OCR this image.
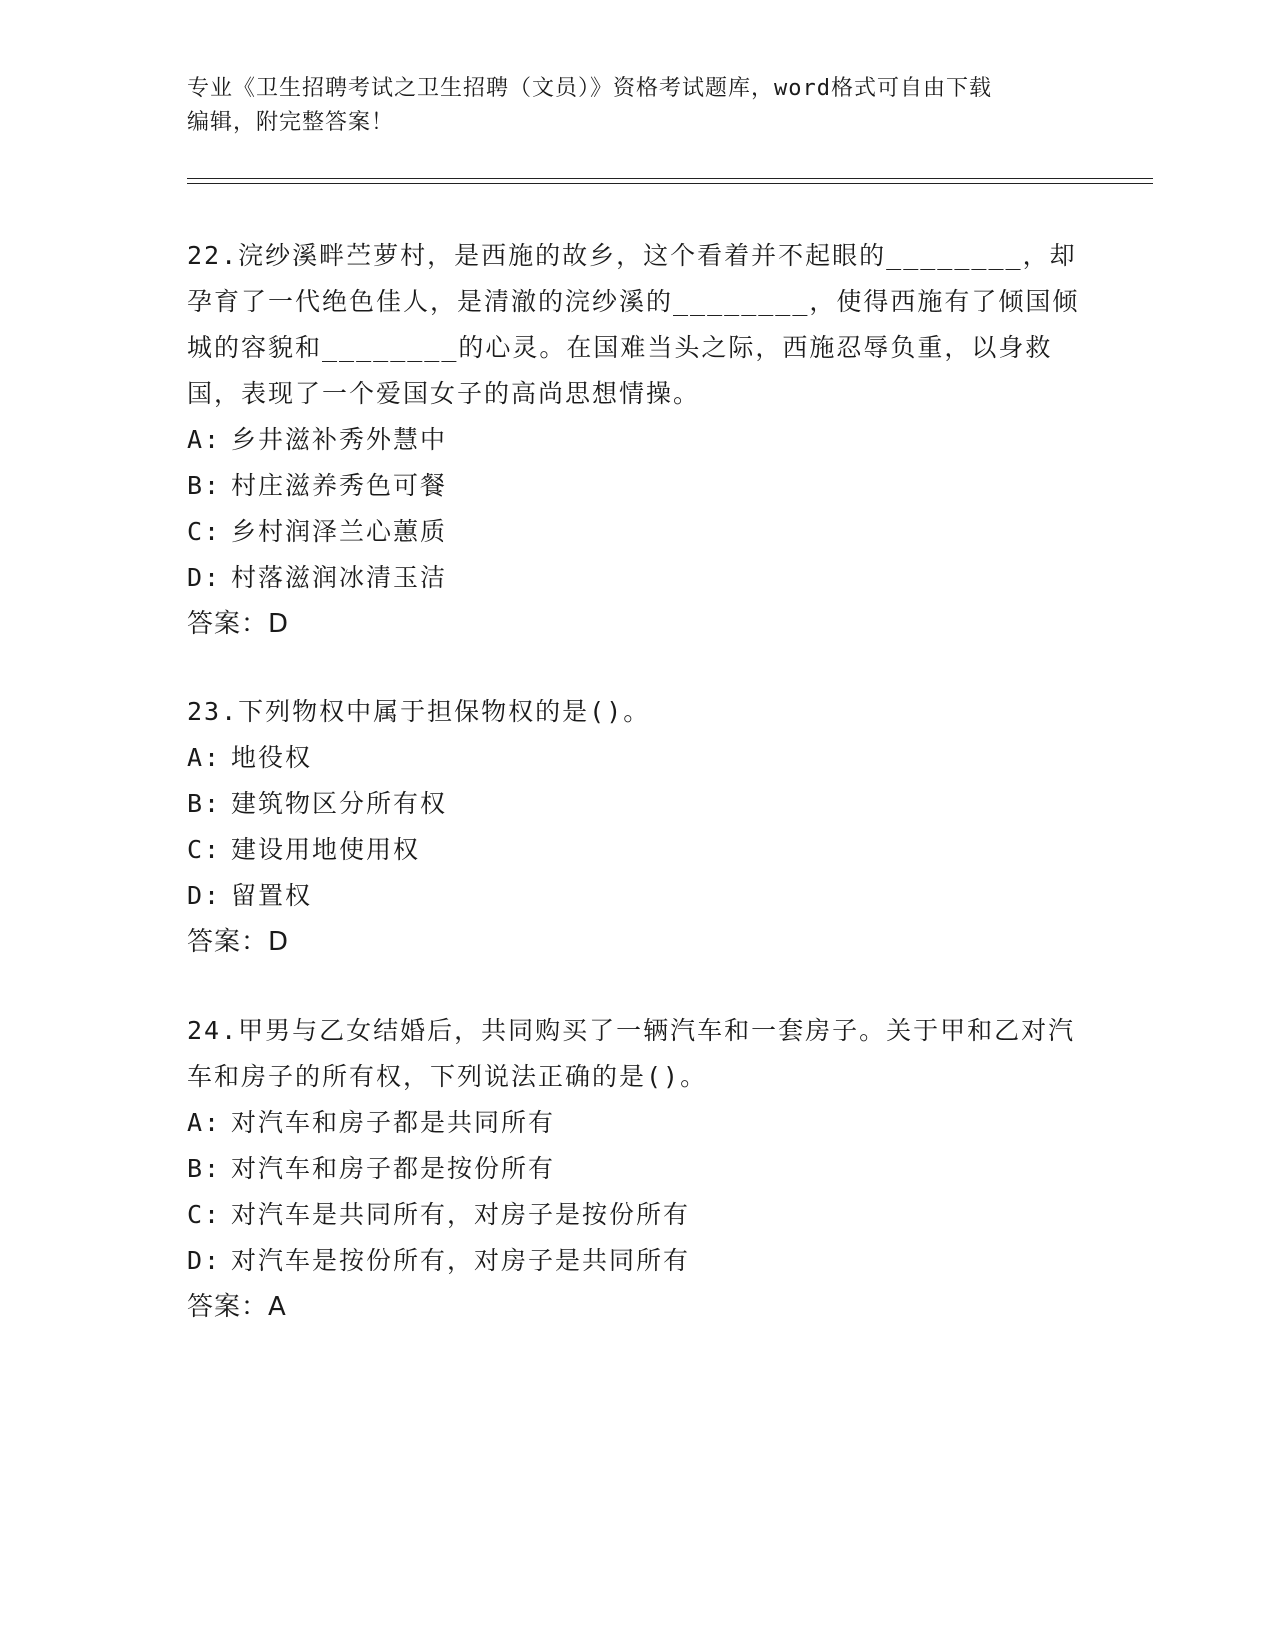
专业《卫生招聘考试之卫生招聘（文员）》资格考试题库，word格式可自由下载
编辑，附完整答案！

22.浣纱溪畔苎萝村，是西施的故乡，这个看着并不起眼的________，却孕育了一代绝色佳人，是清澈的浣纱溪的________，使得西施有了倾国倾城的容貌和________的心灵。在国难当头之际，西施忍辱负重，以身救国，表现了一个爱国女子的高尚思想情操。

A: 乡井滋补秀外慧中

B: 村庄滋养秀色可餐

C: 乡村润泽兰心蕙质

D: 村落滋润冰清玉洁

答案：D

23.下列物权中属于担保物权的是()。

A: 地役权

B: 建筑物区分所有权

C: 建设用地使用权

D: 留置权

答案：D

24.甲男与乙女结婚后，共同购买了一辆汽车和一套房子。关于甲和乙对汽车和房子的所有权，下列说法正确的是()。

A: 对汽车和房子都是共同所有

B: 对汽车和房子都是按份所有

C: 对汽车是共同所有，对房子是按份所有

D: 对汽车是按份所有，对房子是共同所有

答案：A
